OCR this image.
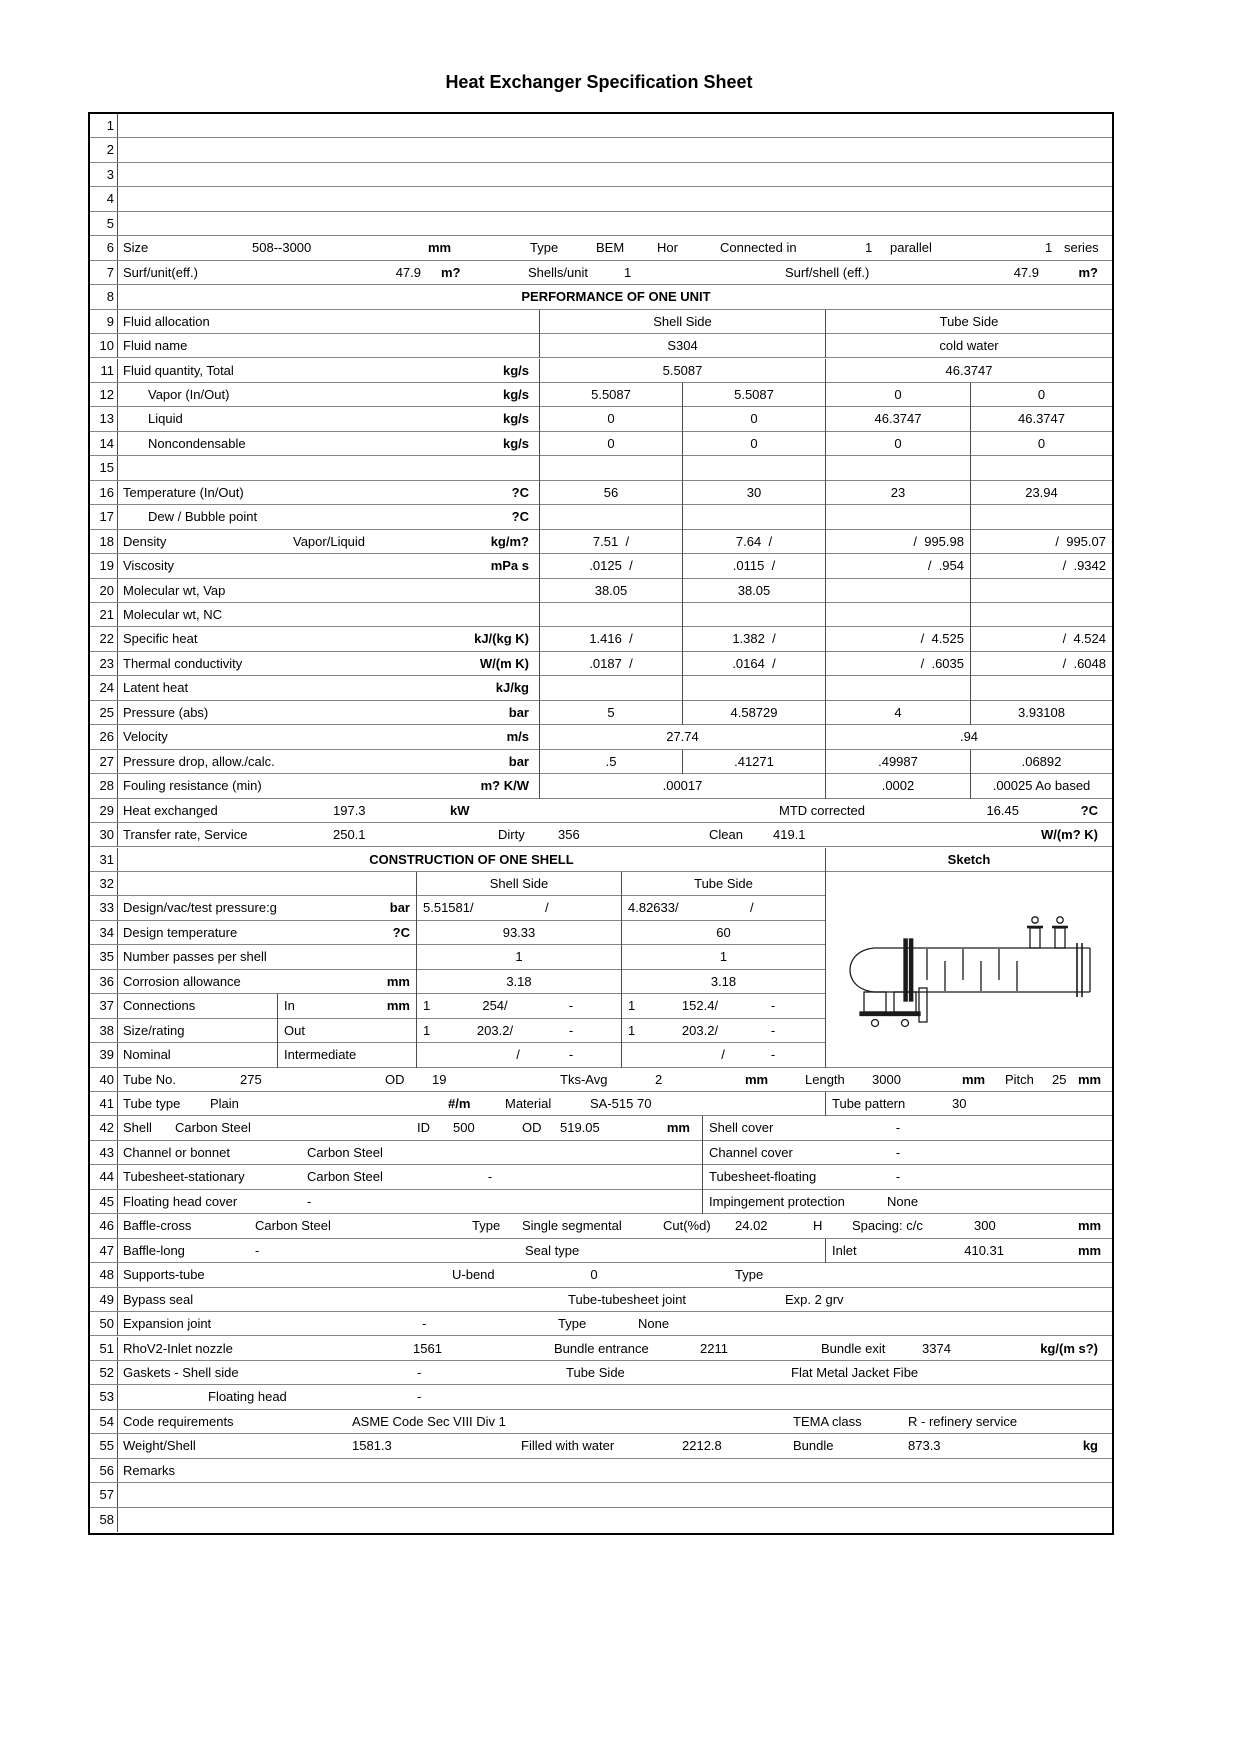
Heat Exchanger Specification Sheet
1
2
3
4
5
6 Size	508--3000	mm	Type	BEM	Hor	Connected in	1	parallel	1 series
7 Surf/unit(eff.)	47.9	m?	Shells/unit	1	Surf/shell (eff.)	47.9	m?
8	PERFORMANCE OF ONE UNIT
9 Fluid allocation	Shell Side	Tube Side
10 Fluid name	S304	cold water
11 Fluid quantity, Total	kg/s	5.5087	46.3747
12	Vapor (In/Out)	kg/s	5.5087	5.5087	0	0
13	Liquid	kg/s	0	0	46.3747	46.3747
14	Noncondensable	kg/s	0	0	0	0
15
16 Temperature (In/Out)	?C	56	30	23	23.94
17	Dew / Bubble point	?C
18 Density	Vapor/Liquid	kg/m?	7.51  /	7.64  /	/  995.98	/  995.07
19 Viscosity	mPa s	.0125  /	.0115  /	/  .954	/  .9342
20 Molecular wt, Vap	38.05	38.05
21 Molecular wt, NC
22 Specific heat	kJ/(kg K)	1.416  /	1.382  /	/  4.525	/  4.524
23 Thermal conductivity	W/(m K)	.0187  /	.0164  /	/  .6035	/  .6048
24 Latent heat	kJ/kg
25 Pressure (abs)	bar	5	4.58729	4	3.93108
26 Velocity	m/s	27.74	.94
27 Pressure drop, allow./calc.	bar	.5	.41271	.49987	.06892
28 Fouling resistance (min)	m? K/W	.00017	.0002	.00025 Ao based
29 Heat exchanged	197.3	kW	MTD corrected	16.45	?C
30 Transfer rate, Service	250.1	Dirty	356	Clean	419.1	W/(m? K)
31	CONSTRUCTION OF ONE SHELL	Sketch
32	Shell Side	Tube Side
33 Design/vac/test pressure:g	bar	5.51581/	/	4.82633/	/
34 Design temperature	?C	93.33	60
35 Number passes per shell	1	1
36 Corrosion allowance	mm	3.18	3.18
37 Connections	In	mm	1	254/	-	1	152.4/	-
38 Size/rating	Out	1	203.2/	-	1	203.2/	-
39 Nominal	Intermediate	/	-	/	-
40 Tube No.	275	OD	19	Tks-Avg	2	mm	Length	3000	mm	Pitch	25 mm
41 Tube type	Plain	#/m	Material	SA-515 70	Tube pattern	30
42 Shell	Carbon Steel	ID	500	OD	519.05	mm	Shell cover	-
43 Channel or bonnet	Carbon Steel	Channel cover	-
44 Tubesheet-stationary	Carbon Steel	-	Tubesheet-floating	-
45 Floating head cover	-	Impingement protection	None
46 Baffle-cross	Carbon Steel	Type	Single segmental	Cut(%d)	24.02	H	Spacing: c/c	300	mm
47 Baffle-long	-	Seal type	Inlet	410.31	mm
48 Supports-tube	U-bend	0	Type
49 Bypass seal	Tube-tubesheet joint	Exp. 2 grv
50 Expansion joint	-	Type	None
51 RhoV2-Inlet nozzle	1561	Bundle entrance	2211	Bundle exit	3374	kg/(m s?)
52 Gaskets - Shell side	-	Tube Side	Flat Metal Jacket Fibe
53	Floating head	-
54 Code requirements	ASME Code Sec VIII Div 1	TEMA class	R - refinery service
55 Weight/Shell	1581.3	Filled with water	2212.8	Bundle	873.3	kg
56 Remarks
57
58
